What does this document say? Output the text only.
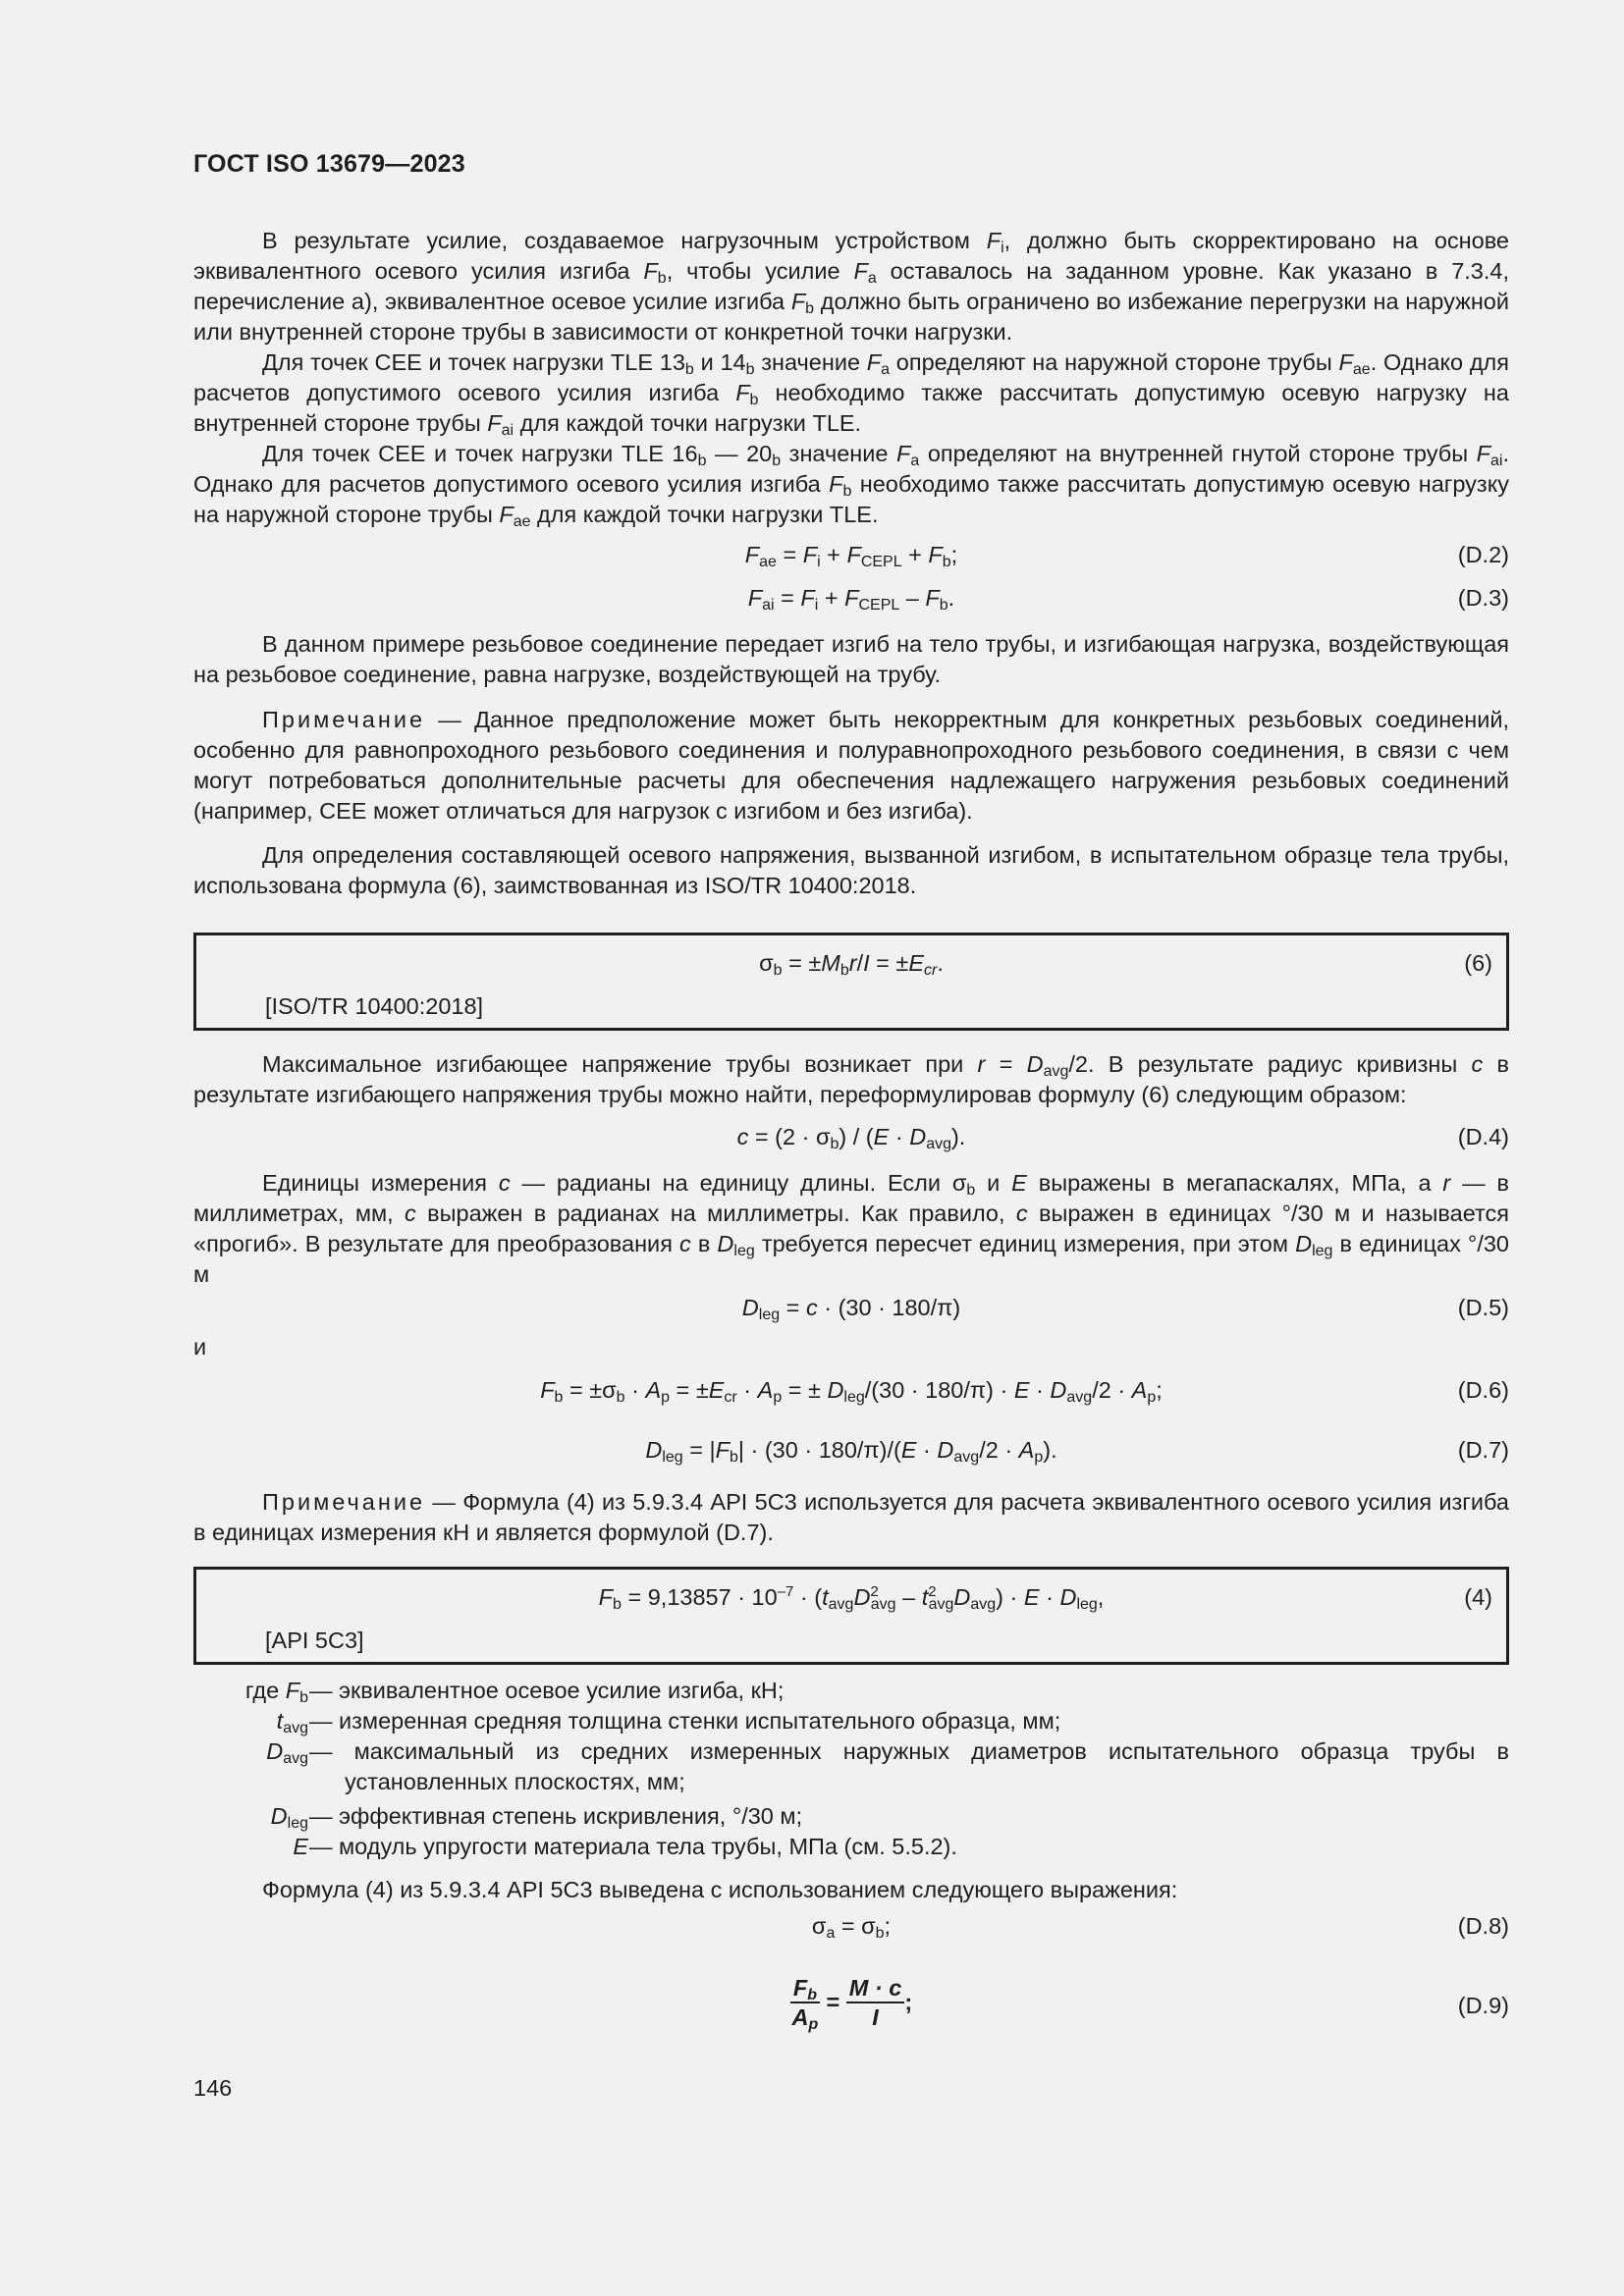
ГОСТ ISO 13679—2023

В результате усилие, создаваемое нагрузочным устройством $F_i$, должно быть скорректировано на основе эквивалентного осевого усилия изгиба $F_b$, чтобы усилие $F_a$ оставалось на заданном уровне. Как указано в 7.3.4, перечисление а), эквивалентное осевое усилие изгиба $F_b$ должно быть ограничено во избежание перегрузки на наружной или внутренней стороне трубы в зависимости от конкретной точки нагрузки.

Для точек CEE и точек нагрузки TLE $13_b$ и $14_b$ значение $F_a$ определяют на наружной стороне трубы $F_{ae}$. Однако для расчетов допустимого осевого усилия изгиба $F_b$ необходимо также рассчитать допустимую осевую нагрузку на внутренней стороне трубы $F_{ai}$ для каждой точки нагрузки TLE.

Для точек CEE и точек нагрузки TLE $16_b$ — $20_b$ значение $F_a$ определяют на внутренней гнутой стороне трубы $F_{ai}$. Однако для расчетов допустимого осевого усилия изгиба $F_b$ необходимо также рассчитать допустимую осевую нагрузку на наружной стороне трубы $F_{ae}$ для каждой точки нагрузки TLE.

$F_{ae} = F_i + F_{CEPL} + F_b$;	(D.2)
$F_{ai} = F_i + F_{CEPL} - F_b$.	(D.3)

В данном примере резьбовое соединение передает изгиб на тело трубы, и изгибающая нагрузка, воздействующая на резьбовое соединение, равна нагрузке, воздействующей на трубу.

Примечание — Данное предположение может быть некорректным для конкретных резьбовых соединений, особенно для равнопроходного резьбового соединения и полуравнопроходного резьбового соединения, в связи с чем могут потребоваться дополнительные расчеты для обеспечения надлежащего нагружения резьбовых соединений (например, CEE может отличаться для нагрузок с изгибом и без изгиба).

Для определения составляющей осевого напряжения, вызванной изгибом, в испытательном образце тела трубы, использована формула (6), заимствованная из ISO/TR 10400:2018.

$\sigma_b = \pm M_br/I = \pm E_{cr}$.	(6)
[ISO/TR 10400:2018]

Максимальное изгибающее напряжение трубы возникает при $r = D_{avg}/2$. В результате радиус кривизны c в результате изгибающего напряжения трубы можно найти, переформулировав формулу (6) следующим образом:

$c = (2 \cdot \sigma_b) / (E \cdot D_{avg})$.	(D.4)

Единицы измерения c — радианы на единицу длины. Если $\sigma_b$ и E выражены в мегапаскалях, МПа, а r — в миллиметрах, мм, c выражен в радианах на миллиметры. Как правило, c выражен в единицах °/30 м и называется «прогиб». В результате для преобразования c в $D_{leg}$ требуется пересчет единиц измерения, при этом $D_{leg}$ в единицах °/30 м

$D_{leg} = c \cdot (30 \cdot 180/\pi)$	(D.5)
и
$F_b = \pm\sigma_b \cdot A_p = \pm E_{cr} \cdot A_p$ = ± $D_{leg}/(30 \cdot 180/\pi) \cdot E \cdot D_{avg}/2 \cdot A_p$;	(D.6)
$D_{leg} = |F_b| \cdot (30 \cdot 180/\pi)/(E \cdot D_{avg}/2 \cdot A_p)$.	(D.7)

Примечание — Формула (4) из 5.9.3.4 API 5C3 используется для расчета эквивалентного осевого усилия изгиба в единицах измерения кН и является формулой (D.7).

$F_b = 9,13857 \cdot 10^{-7} \cdot (t_{avg}D^2_{avg} - t^2_{avg}D_{avg}) \cdot E \cdot D_{leg}$,	(4)
[API 5C3]
где $F_b$ — эквивалентное осевое усилие изгиба, кН;
$t_{avg}$ — измеренная средняя толщина стенки испытательного образца, мм;
$D_{avg}$ — максимальный из средних измеренных наружных диаметров испытательного образца трубы в установленных плоскостях, мм;
$D_{leg}$ — эффективная степень искривления, °/30 м;
E — модуль упругости материала тела трубы, МПа (см. 5.5.2).

Формула (4) из 5.9.3.4 API 5C3 выведена с использованием следующего выражения:

$\sigma_a = \sigma_b$;	(D.8)
$\frac{F_b}{A_p} = \frac{M \cdot c}{I}$ ;	(D.9)
146
